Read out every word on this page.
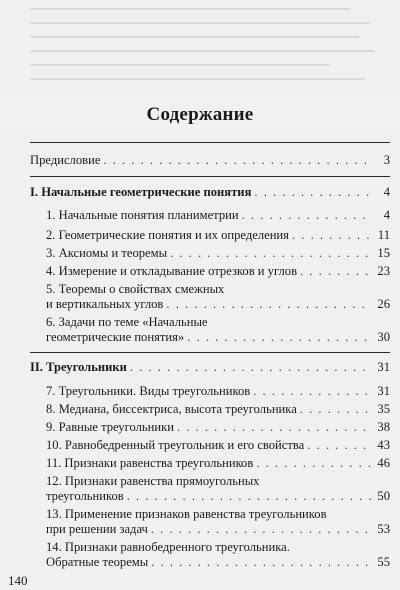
Содержание
Предисловие . . .	3
I. Начальные геометрические понятия . . .	4
1. Начальные понятия планиметрии . . .	4
2. Геометрические понятия и их определения . . .	11
3. Аксиомы и теоремы . . .	15
4. Измерение и откладывание отрезков и углов . . .	23
5. Теоремы о свойствах смежных
и вертикальных углов . . .	26
6. Задачи по теме «Начальные
геометрические понятия» . . .	30
II. Треугольники . . .	31
7. Треугольники. Виды треугольников . . .	31
8. Медиана, биссектриса, высота треугольника . . .	35
9. Равные треугольники . . .	38
10. Равнобедренный треугольник и его свойства . . .	43
11. Признаки равенства треугольников . . .	46
12. Признаки равенства прямоугольных
треугольников . . .	50
13. Применение признаков равенства треугольников
при решении задач . . .	53
14. Признаки равнобедренного треугольника.
Обратные теоремы . . .	55
140
